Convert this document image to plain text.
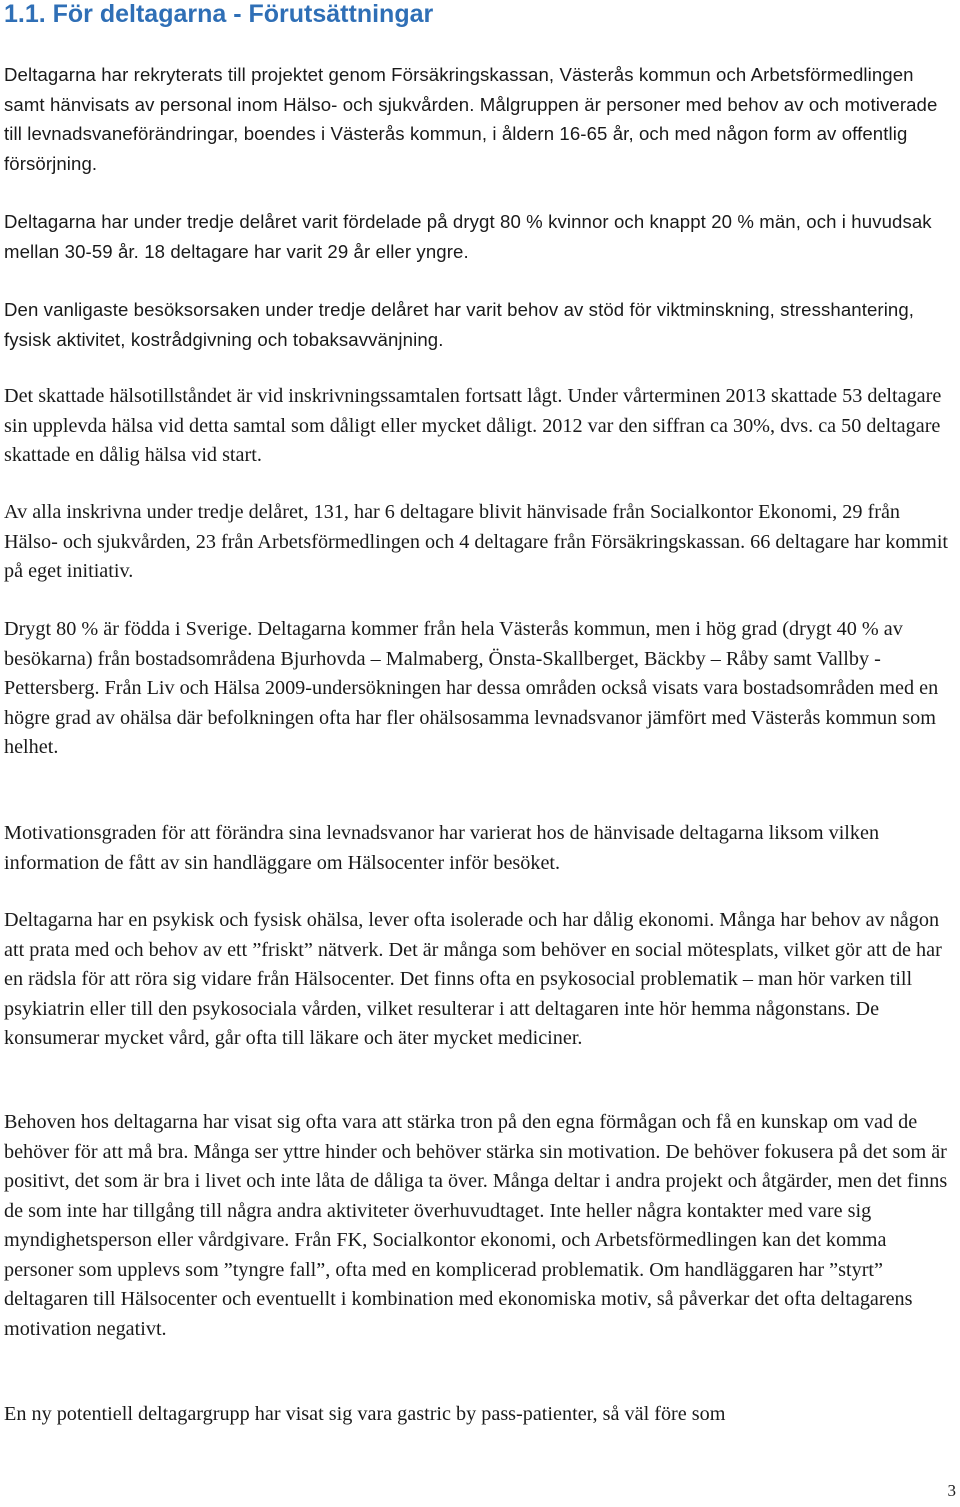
1.1. För deltagarna - Förutsättningar

Deltagarna har rekryterats till projektet genom Försäkringskassan, Västerås kommun och Arbetsförmedlingen samt hänvisats av personal inom Hälso- och sjukvården. Målgruppen är personer med behov av och motiverade till levnadsvaneförändringar, boendes i Västerås kommun, i åldern 16-65 år, och med någon form av offentlig försörjning.

Deltagarna har under tredje delåret varit fördelade på drygt 80 % kvinnor och knappt 20 % män, och i huvudsak mellan 30-59 år. 18 deltagare har varit 29 år eller yngre.

Den vanligaste besöksorsaken under tredje delåret har varit behov av stöd för viktminskning, stresshantering, fysisk aktivitet, kostrådgivning och tobaksavvänjning.

Det skattade hälsotillståndet är vid inskrivningssamtalen fortsatt lågt. Under vårterminen 2013 skattade 53 deltagare sin upplevda hälsa vid detta samtal som dåligt eller mycket dåligt. 2012 var den siffran ca 30%, dvs. ca 50 deltagare skattade en dålig hälsa vid start.

Av alla inskrivna under tredje delåret, 131, har 6 deltagare blivit hänvisade från Socialkontor Ekonomi, 29 från Hälso- och sjukvården, 23 från Arbetsförmedlingen och 4 deltagare från Försäkringskassan. 66 deltagare har kommit på eget initiativ.

Drygt 80 % är födda i Sverige. Deltagarna kommer från hela Västerås kommun, men i hög grad (drygt 40 % av besökarna) från bostadsområdena Bjurhovda – Malmaberg, Önsta-Skallberget, Bäckby – Råby samt Vallby - Pettersberg. Från Liv och Hälsa 2009-undersökningen har dessa områden också visats vara bostadsområden med en högre grad av ohälsa där befolkningen ofta har fler ohälsosamma levnadsvanor jämfört med Västerås kommun som helhet.

Motivationsgraden för att förändra sina levnadsvanor har varierat hos de hänvisade deltagarna liksom vilken information de fått av sin handläggare om Hälsocenter inför besöket.

Deltagarna har en psykisk och fysisk ohälsa, lever ofta isolerade och har dålig ekonomi. Många har behov av någon att prata med och behov av ett ”friskt” nätverk. Det är många som behöver en social mötesplats, vilket gör att de har en rädsla för att röra sig vidare från Hälsocenter. Det finns ofta en psykosocial problematik – man hör varken till psykiatrin eller till den psykosociala vården, vilket resulterar i att deltagaren inte hör hemma någonstans. De konsumerar mycket vård, går ofta till läkare och äter mycket mediciner.

Behoven hos deltagarna har visat sig ofta vara att stärka tron på den egna förmågan och få en kunskap om vad de behöver för att må bra. Många ser yttre hinder och behöver stärka sin motivation. De behöver fokusera på det som är positivt, det som är bra i livet och inte låta de dåliga ta över. Många deltar i andra projekt och åtgärder, men det finns de som inte har tillgång till några andra aktiviteter överhuvudtaget. Inte heller några kontakter med vare sig myndighetsperson eller vårdgivare. Från FK, Socialkontor ekonomi, och Arbetsförmedlingen kan det komma personer som upplevs som ”tyngre fall”, ofta med en komplicerad problematik. Om handläggaren har ”styrt” deltagaren till Hälsocenter och eventuellt i kombination med ekonomiska motiv, så påverkar det ofta deltagarens motivation negativt.

En ny potentiell deltagargrupp har visat sig vara gastric by pass-patienter, så väl före som

3
